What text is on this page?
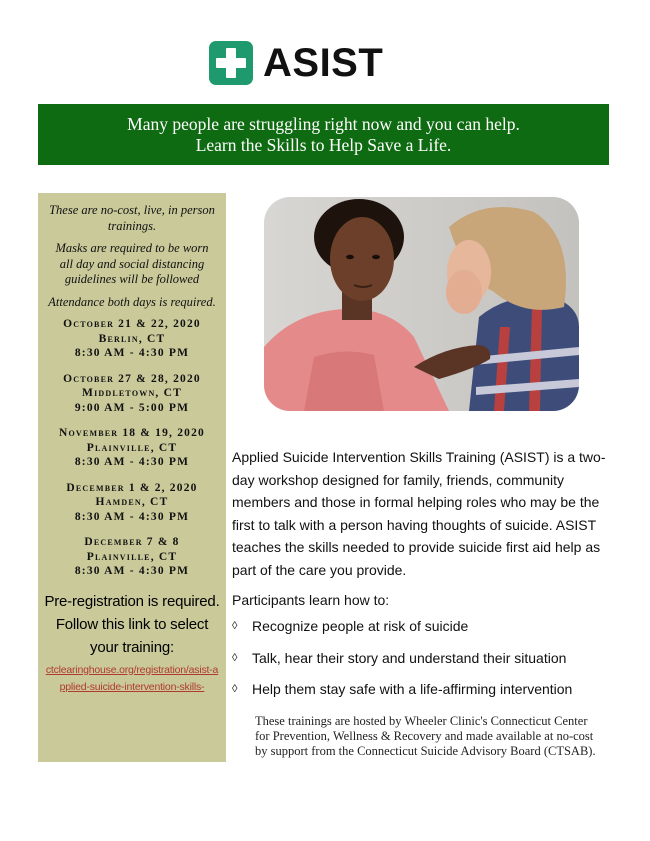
ASIST
Many people are struggling right now and you can help.
Learn the Skills to Help Save a Life.
These are no-cost, live, in person trainings.
Masks are required to be worn all day and social distancing guidelines will be followed
Attendance both days is required.
October 21 & 22, 2020
Berlin, CT
8:30 AM - 4:30 PM
October 27 & 28, 2020
Middletown, CT
9:00 AM - 5:00 PM
November 18 & 19, 2020
Plainville, CT
8:30 AM - 4:30 PM
December 1 & 2, 2020
Hamden, CT
8:30 AM - 4:30 PM
December 7 & 8
Plainville, CT
8:30 AM - 4:30 PM
Pre-registration is required. Follow this link to select your training:
ctclearinghouse.org/registration/asist-applied-suicide-intervention-skills-

Applied Suicide Intervention Skills Training (ASIST) is a two-day workshop designed for family, friends, community members and those in formal helping roles who may be the first to talk with a person having thoughts of suicide. ASIST teaches the skills needed to provide suicide first aid help as part of the care you provide.

Participants learn how to:

◊	Recognize people at risk of suicide
◊	Talk, hear their story and understand their situation
◊	Help them stay safe with a life-affirming intervention
These trainings are hosted by Wheeler Clinic's Connecticut Center for Prevention, Wellness & Recovery and made available at no-cost by support from the Connecticut Suicide Advisory Board (CTSAB).
